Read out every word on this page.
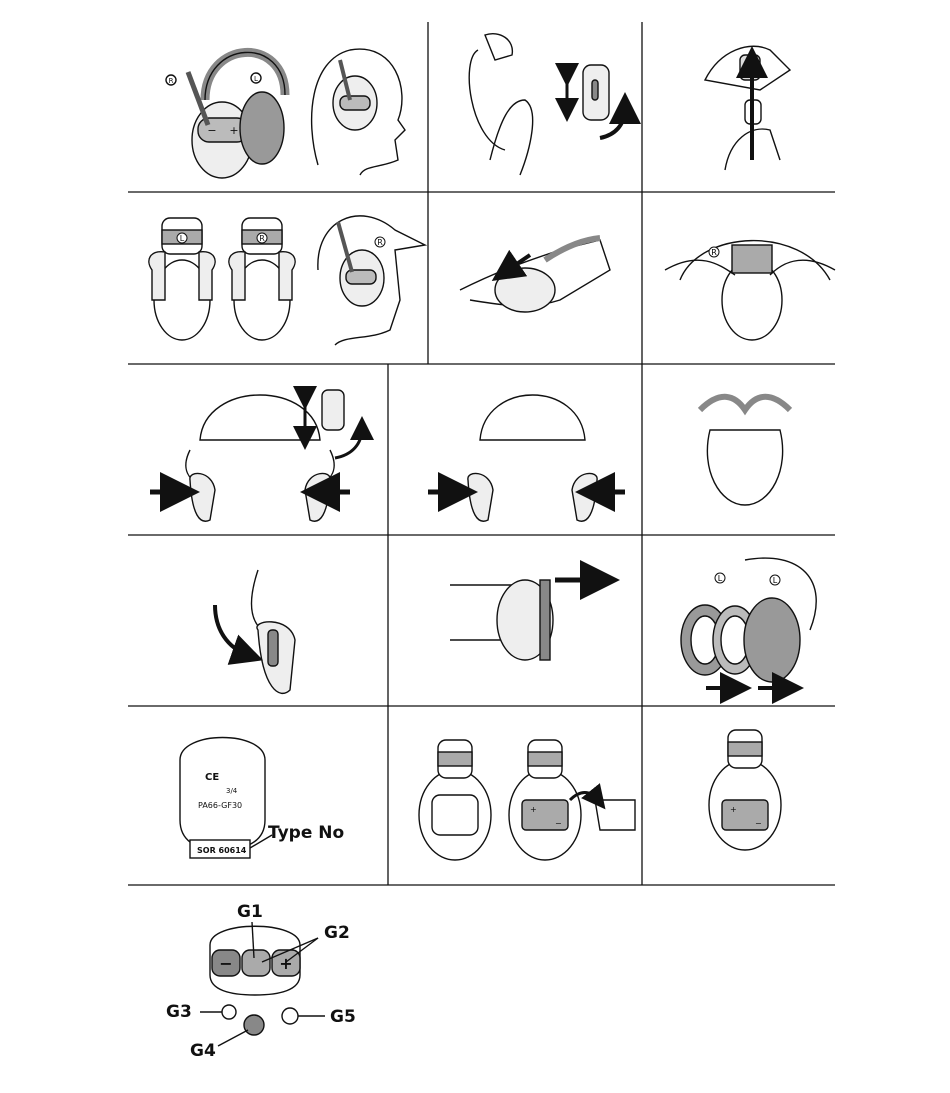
R	L
− +
L	R	R
R
L	L
CE
3/4
PA66-GF30
SOR 60614
Type No
+
−
+
−
−	+
G1
G2
G3
G4
G5
